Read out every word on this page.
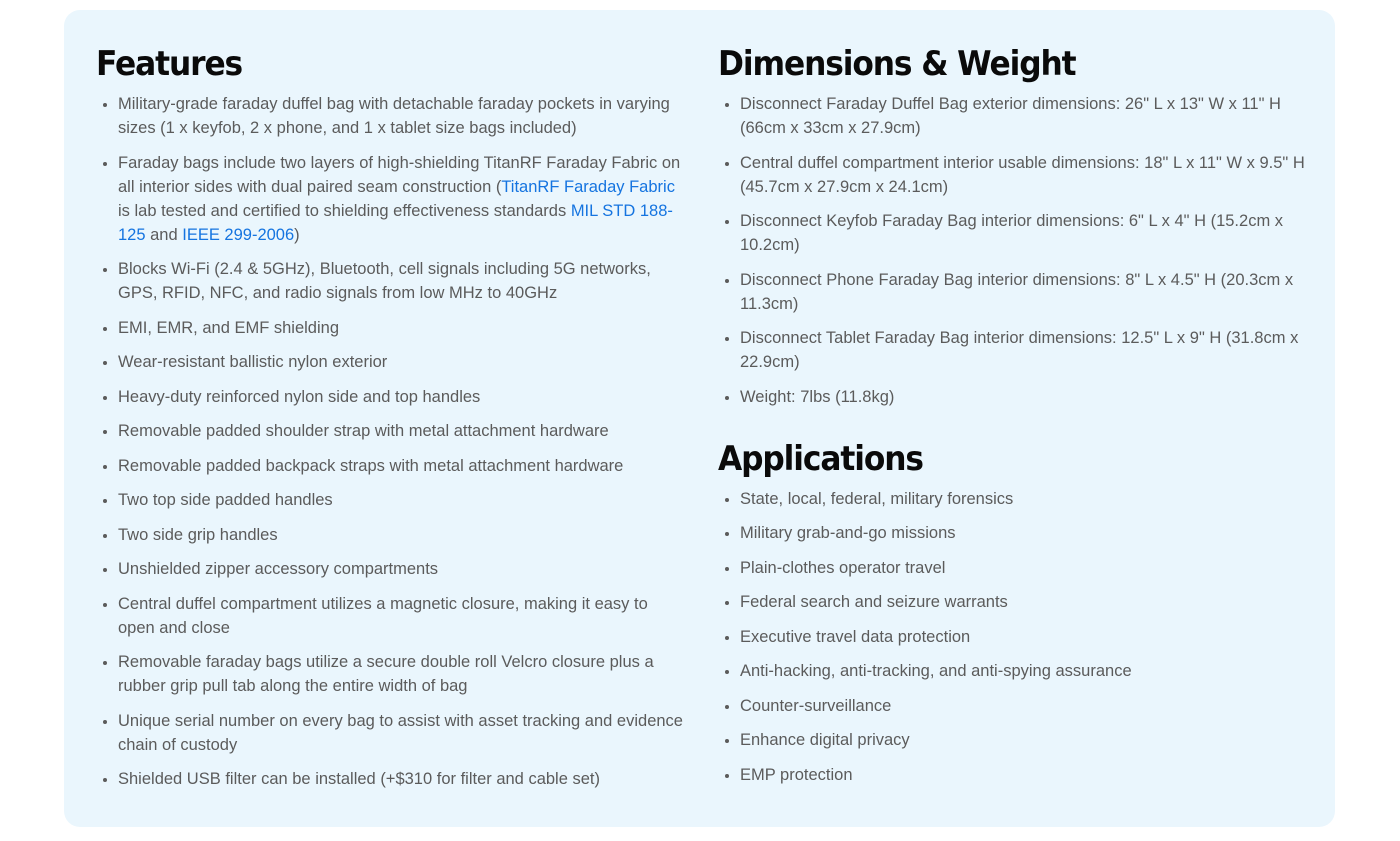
Features
• Military-grade faraday duffel bag with detachable faraday pockets in varying sizes (1 x keyfob, 2 x phone, and 1 x tablet size bags included)
• Faraday bags include two layers of high-shielding TitanRF Faraday Fabric on all interior sides with dual paired seam construction (TitanRF Faraday Fabric is lab tested and certified to shielding effectiveness standards MIL STD 188-125 and IEEE 299-2006)
• Blocks Wi-Fi (2.4 & 5GHz), Bluetooth, cell signals including 5G networks, GPS, RFID, NFC, and radio signals from low MHz to 40GHz
• EMI, EMR, and EMF shielding
• Wear-resistant ballistic nylon exterior
• Heavy-duty reinforced nylon side and top handles
• Removable padded shoulder strap with metal attachment hardware
• Removable padded backpack straps with metal attachment hardware
• Two top side padded handles
• Two side grip handles
• Unshielded zipper accessory compartments
• Central duffel compartment utilizes a magnetic closure, making it easy to open and close
• Removable faraday bags utilize a secure double roll Velcro closure plus a rubber grip pull tab along the entire width of bag
• Unique serial number on every bag to assist with asset tracking and evidence chain of custody
• Shielded USB filter can be installed (+$310 for filter and cable set)
Dimensions & Weight
• Disconnect Faraday Duffel Bag exterior dimensions: 26" L x 13" W x 11" H (66cm x 33cm x 27.9cm)
• Central duffel compartment interior usable dimensions: 18" L x 11" W x 9.5" H (45.7cm x 27.9cm x 24.1cm)
• Disconnect Keyfob Faraday Bag interior dimensions: 6" L x 4" H (15.2cm x 10.2cm)
• Disconnect Phone Faraday Bag interior dimensions: 8" L x 4.5" H (20.3cm x 11.3cm)
• Disconnect Tablet Faraday Bag interior dimensions: 12.5" L x 9" H (31.8cm x 22.9cm)
• Weight: 7lbs (11.8kg)
Applications
• State, local, federal, military forensics
• Military grab-and-go missions
• Plain-clothes operator travel
• Federal search and seizure warrants
• Executive travel data protection
• Anti-hacking, anti-tracking, and anti-spying assurance
• Counter-surveillance
• Enhance digital privacy
• EMP protection
